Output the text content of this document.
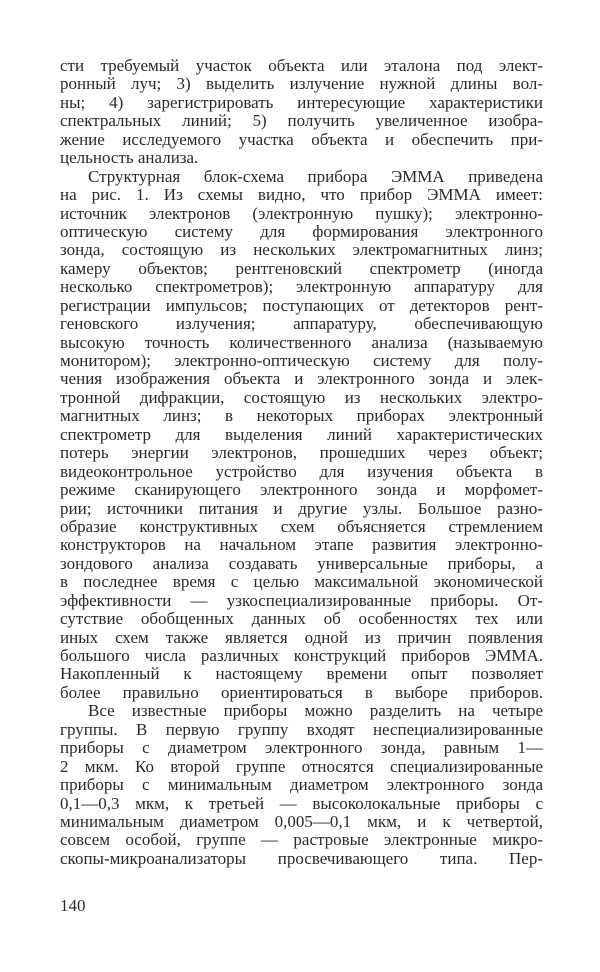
сти требуемый участок объекта или эталона под элект-
ронный луч; 3) выделить излучение нужной длины вол-
ны; 4) зарегистрировать интересующие характеристики
спектральных линий; 5) получить увеличенное изобра-
жение исследуемого участка объекта и обеспечить при-
цельность анализа.
Структурная блок-схема прибора ЭММА приведена
на рис. 1. Из схемы видно, что прибор ЭММА имеет:
источник электронов (электронную пушку); электронно-
оптическую систему для формирования электронного
зонда, состоящую из нескольких электромагнитных линз;
камеру объектов; рентгеновский спектрометр (иногда
несколько спектрометров); электронную аппаратуру для
регистрации импульсов; поступающих от детекторов рент-
геновского излучения; аппаратуру, обеспечивающую
высокую точность количественного анализа (называемую
монитором); электронно-оптическую систему для полу-
чения изображения объекта и электронного зонда и элек-
тронной дифракции, состоящую из нескольких электро-
магнитных линз; в некоторых приборах электронный
спектрометр для выделения линий характеристических
потерь энергии электронов, прошедших через объект;
видеоконтрольное устройство для изучения объекта в
режиме сканирующего электронного зонда и морфомет-
рии; источники питания и другие узлы. Большое разно-
образие конструктивных схем объясняется стремлением
конструкторов на начальном этапе развития электронно-
зондового анализа создавать универсальные приборы, а
в последнее время с целью максимальной экономической
эффективности — узкоспециализированные приборы. От-
сутствие обобщенных данных об особенностях тех или
иных схем также является одной из причин появления
большого числа различных конструкций приборов ЭММА.
Накопленный к настоящему времени опыт позволяет
более правильно ориентироваться в выборе приборов.
Все известные приборы можно разделить на четыре
группы. В первую группу входят неспециализированные
приборы с диаметром электронного зонда, равным 1—
2 мкм. Ко второй группе относятся специализированные
приборы с минимальным диаметром электронного зонда
0,1—0,3 мкм, к третьей — высоколокальные приборы с
минимальным диаметром 0,005—0,1 мкм, и к четвертой,
совсем особой, группе — растровые электронные микро-
скопы-микроанализаторы просвечивающего типа. Пер-
140
